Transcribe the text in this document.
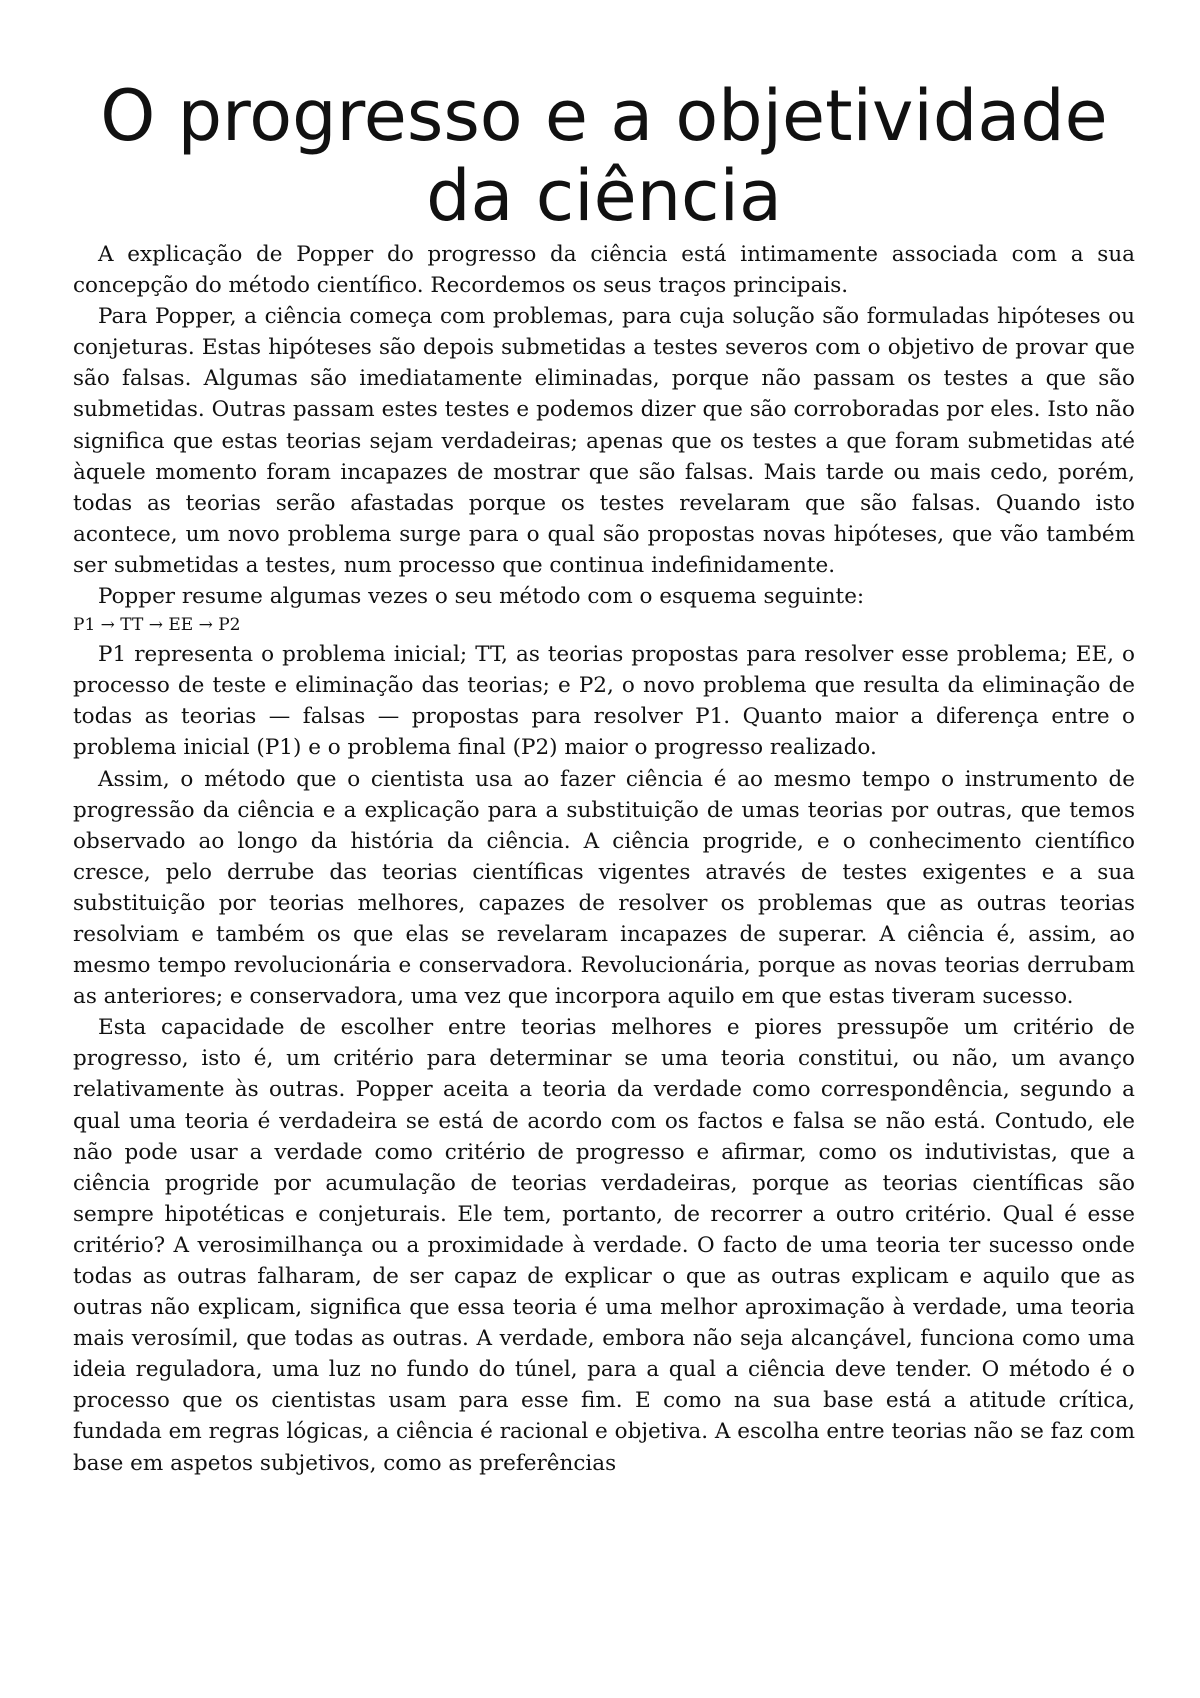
O progresso e a objetividade da ciência

A explicação de Popper do progresso da ciência está intimamente associada com a sua concepção do método científico. Recordemos os seus traços principais.

Para Popper, a ciência começa com problemas, para cuja solução são formuladas hipóteses ou conjeturas. Estas hipóteses são depois submetidas a testes severos com o objetivo de provar que são falsas. Algumas são imediatamente eliminadas, porque não passam os testes a que são submetidas. Outras passam estes testes e podemos dizer que são corroboradas por eles. Isto não significa que estas teorias sejam verdadeiras; apenas que os testes a que foram submetidas até àquele momento foram incapazes de mostrar que são falsas. Mais tarde ou mais cedo, porém, todas as teorias serão afastadas porque os testes revelaram que são falsas. Quando isto acontece, um novo problema surge para o qual são propostas novas hipóteses, que vão também ser submetidas a testes, num processo que continua indefinidamente.

Popper resume algumas vezes o seu método com o esquema seguinte:

P1 → TT → EE → P2

P1 representa o problema inicial; TT, as teorias propostas para resolver esse problema; EE, o processo de teste e eliminação das teorias; e P2, o novo problema que resulta da eliminação de todas as teorias — falsas — propostas para resolver P1. Quanto maior a diferença entre o problema inicial (P1) e o problema final (P2) maior o progresso realizado.

Assim, o método que o cientista usa ao fazer ciência é ao mesmo tempo o instrumento de progressão da ciência e a explicação para a substituição de umas teorias por outras, que temos observado ao longo da história da ciência. A ciência progride, e o conhecimento científico cresce, pelo derrube das teorias científicas vigentes através de testes exigentes e a sua substituição por teorias melhores, capazes de resolver os problemas que as outras teorias resolviam e também os que elas se revelaram incapazes de superar. A ciência é, assim, ao mesmo tempo revolucionária e conservadora. Revolucionária, porque as novas teorias derrubam as anteriores; e conservadora, uma vez que incorpora aquilo em que estas tiveram sucesso.

Esta capacidade de escolher entre teorias melhores e piores pressupõe um critério de progresso, isto é, um critério para determinar se uma teoria constitui, ou não, um avanço relativamente às outras. Popper aceita a teoria da verdade como correspondência, segundo a qual uma teoria é verdadeira se está de acordo com os factos e falsa se não está. Contudo, ele não pode usar a verdade como critério de progresso e afirmar, como os indutivistas, que a ciência progride por acumulação de teorias verdadeiras, porque as teorias científicas são sempre hipotéticas e conjeturais. Ele tem, portanto, de recorrer a outro critério. Qual é esse critério? A verosimilhança ou a proximidade à verdade. O facto de uma teoria ter sucesso onde todas as outras falharam, de ser capaz de explicar o que as outras explicam e aquilo que as outras não explicam, significa que essa teoria é uma melhor aproximação à verdade, uma teoria mais verosímil, que todas as outras. A verdade, embora não seja alcançável, funciona como uma ideia reguladora, uma luz no fundo do túnel, para a qual a ciência deve tender. O método é o processo que os cientistas usam para esse fim. E como na sua base está a atitude crítica, fundada em regras lógicas, a ciência é racional e objetiva. A escolha entre teorias não se faz com base em aspetos subjetivos, como as preferências
